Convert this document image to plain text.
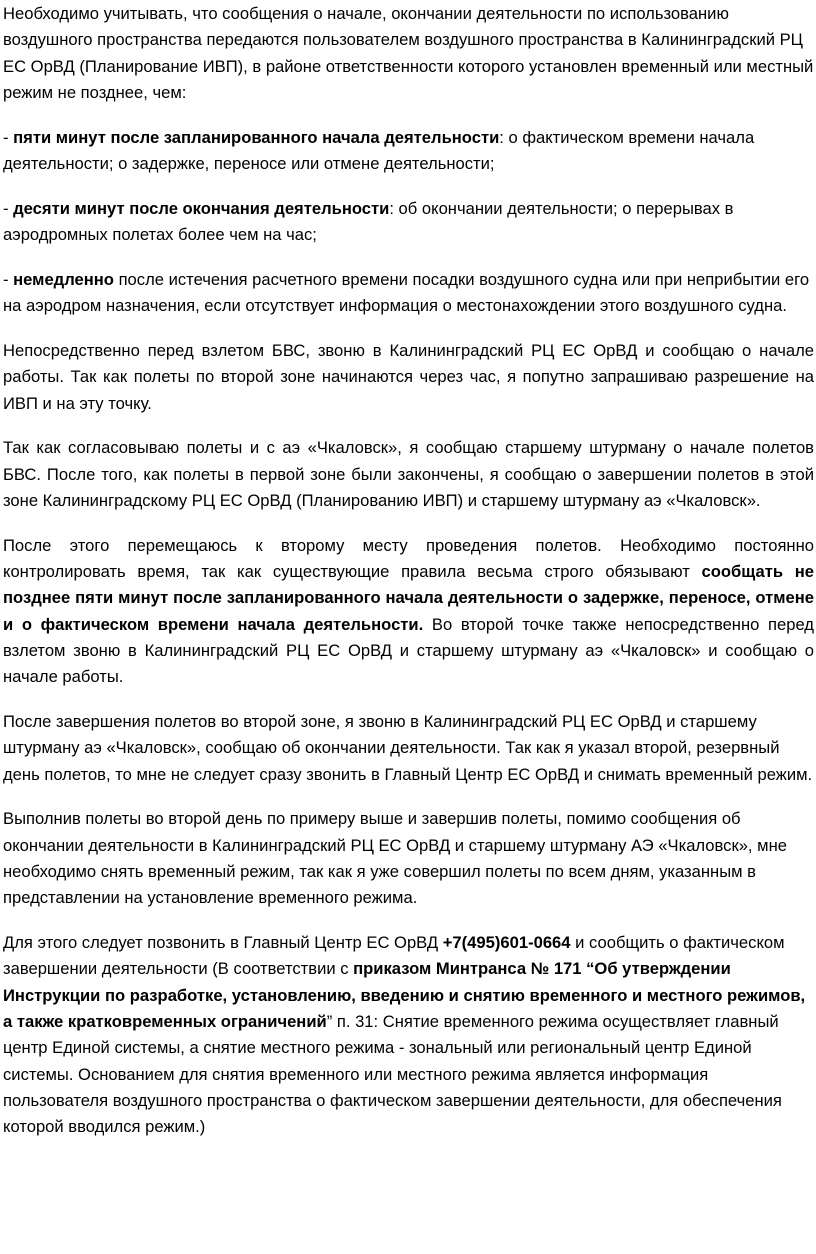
Необходимо учитывать, что сообщения о начале, окончании деятельности по использованию воздушного пространства передаются пользователем воздушного пространства в Калининградский РЦ ЕС ОрВД (Планирование ИВП), в районе ответственности которого установлен временный или местный режим не позднее, чем:

- пяти минут после запланированного начала деятельности: о фактическом времени начала деятельности; о задержке, переносе или отмене деятельности;

- десяти минут после окончания деятельности: об окончании деятельности; о перерывах в аэродромных полетах более чем на час;

- немедленно после истечения расчетного времени посадки воздушного судна или при неприбытии его на аэродром назначения, если отсутствует информация о местонахождении этого воздушного судна.

Непосредственно перед взлетом БВС, звоню в Калининградский РЦ ЕС ОрВД и сообщаю о начале работы. Так как полеты по второй зоне начинаются через час, я попутно запрашиваю разрешение на ИВП и на эту точку.

Так как согласовываю полеты и с аэ «Чкаловск», я сообщаю старшему штурману о начале полетов БВС. После того, как полеты в первой зоне были закончены, я сообщаю о завершении полетов в этой зоне Калининградскому РЦ ЕС ОрВД (Планированию ИВП) и старшему штурману аэ «Чкаловск».

После этого перемещаюсь к второму месту проведения полетов. Необходимо постоянно контролировать время, так как существующие правила весьма строго обязывают сообщать не позднее пяти минут после запланированного начала деятельности о задержке, переносе, отмене и о фактическом времени начала деятельности. Во второй точке также непосредственно перед взлетом звоню в Калининградский РЦ ЕС ОрВД и старшему штурману аэ «Чкаловск» и сообщаю о начале работы.

После завершения полетов во второй зоне, я звоню в Калининградский РЦ ЕС ОрВД и старшему штурману аэ «Чкаловск», сообщаю об окончании деятельности. Так как я указал второй, резервный день полетов, то мне не следует сразу звонить в Главный Центр ЕС ОрВД и снимать временный режим.

Выполнив полеты во второй день по примеру выше и завершив полеты, помимо сообщения об окончании деятельности в Калининградский РЦ ЕС ОрВД и старшему штурману АЭ «Чкаловск», мне необходимо снять временный режим, так как я уже совершил полеты по всем дням, указанным в представлении на установление временного режима.

Для этого следует позвонить в Главный Центр ЕС ОрВД +7(495)601-0664 и сообщить о фактическом завершении деятельности (В соответствии с приказом Минтранса № 171 “Об утверждении Инструкции по разработке, установлению, введению и снятию временного и местного режимов, а также кратковременных ограничений” п. 31: Снятие временного режима осуществляет главный центр Единой системы, а снятие местного режима - зональный или региональный центр Единой системы. Основанием для снятия временного или местного режима является информация пользователя воздушного пространства о фактическом завершении деятельности, для обеспечения которой вводился режим.)
